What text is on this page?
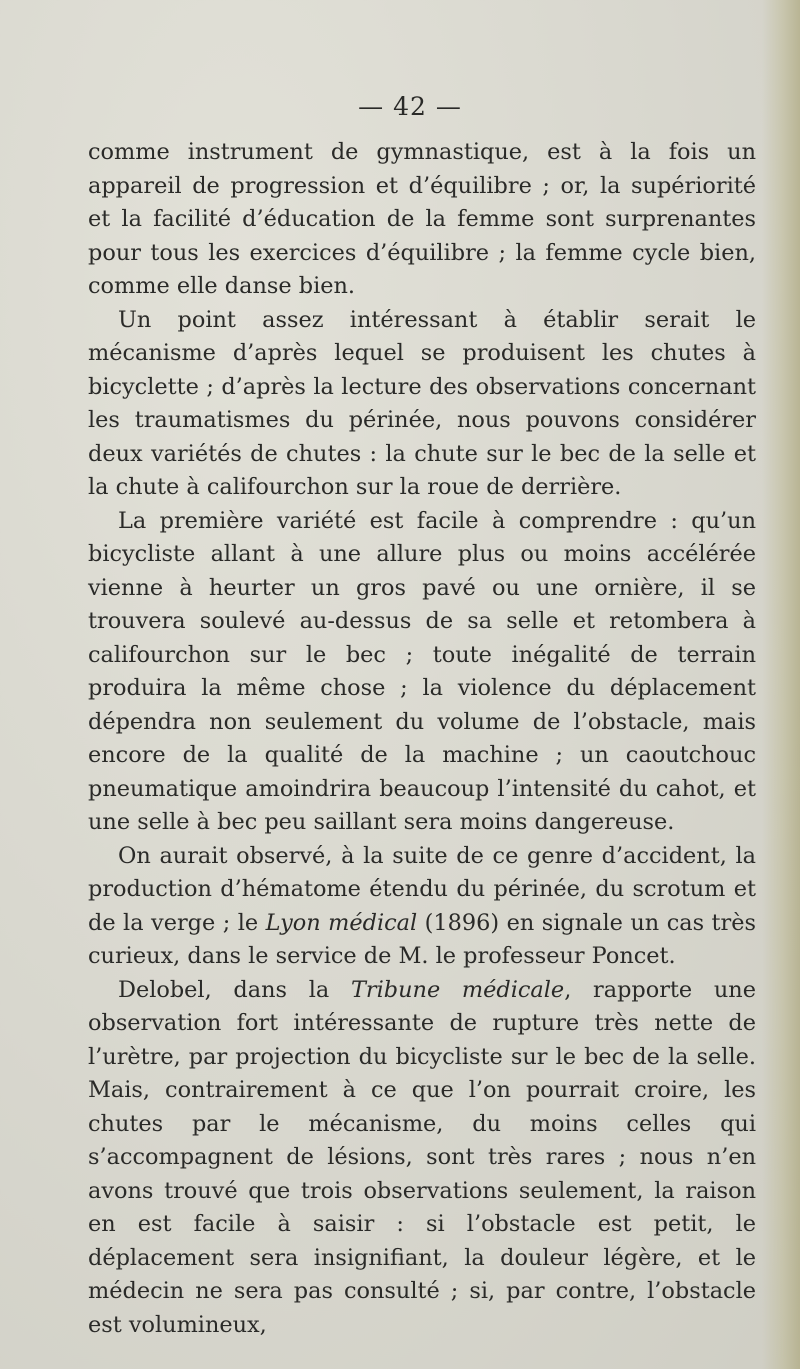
— 42 —

comme instrument de gymnastique, est à la fois un appareil de progression et d’équilibre ; or, la supériorité et la facilité d’éducation de la femme sont surprenantes pour tous les exercices d’équilibre ; la femme cycle bien, comme elle danse bien.

Un point assez intéressant à établir serait le mécanisme d’après lequel se produisent les chutes à bicyclette ; d’après la lecture des observations concernant les traumatismes du périnée, nous pouvons considérer deux variétés de chutes : la chute sur le bec de la selle et la chute à califourchon sur la roue de derrière.

La première variété est facile à comprendre : qu’un bicycliste allant à une allure plus ou moins accélérée vienne à heurter un gros pavé ou une ornière, il se trouvera soulevé au-dessus de sa selle et retombera à califourchon sur le bec ; toute inégalité de terrain produira la même chose ; la violence du déplacement dépendra non seulement du volume de l’obstacle, mais encore de la qualité de la machine ; un caoutchouc pneumatique amoindrira beaucoup l’intensité du cahot, et une selle à bec peu saillant sera moins dangereuse.

On aurait observé, à la suite de ce genre d’accident, la production d’hématome étendu du périnée, du scrotum et de la verge ; le Lyon médical (1896) en signale un cas très curieux, dans le service de M. le professeur Poncet.

Delobel, dans la Tribune médicale, rapporte une observation fort intéressante de rupture très nette de l’urètre, par projection du bicycliste sur le bec de la selle. Mais, contrairement à ce que l’on pourrait croire, les chutes par le mécanisme, du moins celles qui s’accompagnent de lésions, sont très rares ; nous n’en avons trouvé que trois observations seulement, la raison en est facile à saisir : si l’obstacle est petit, le déplacement sera insignifiant, la douleur légère, et le médecin ne sera pas consulté ; si, par contre, l’obstacle est volumineux,
